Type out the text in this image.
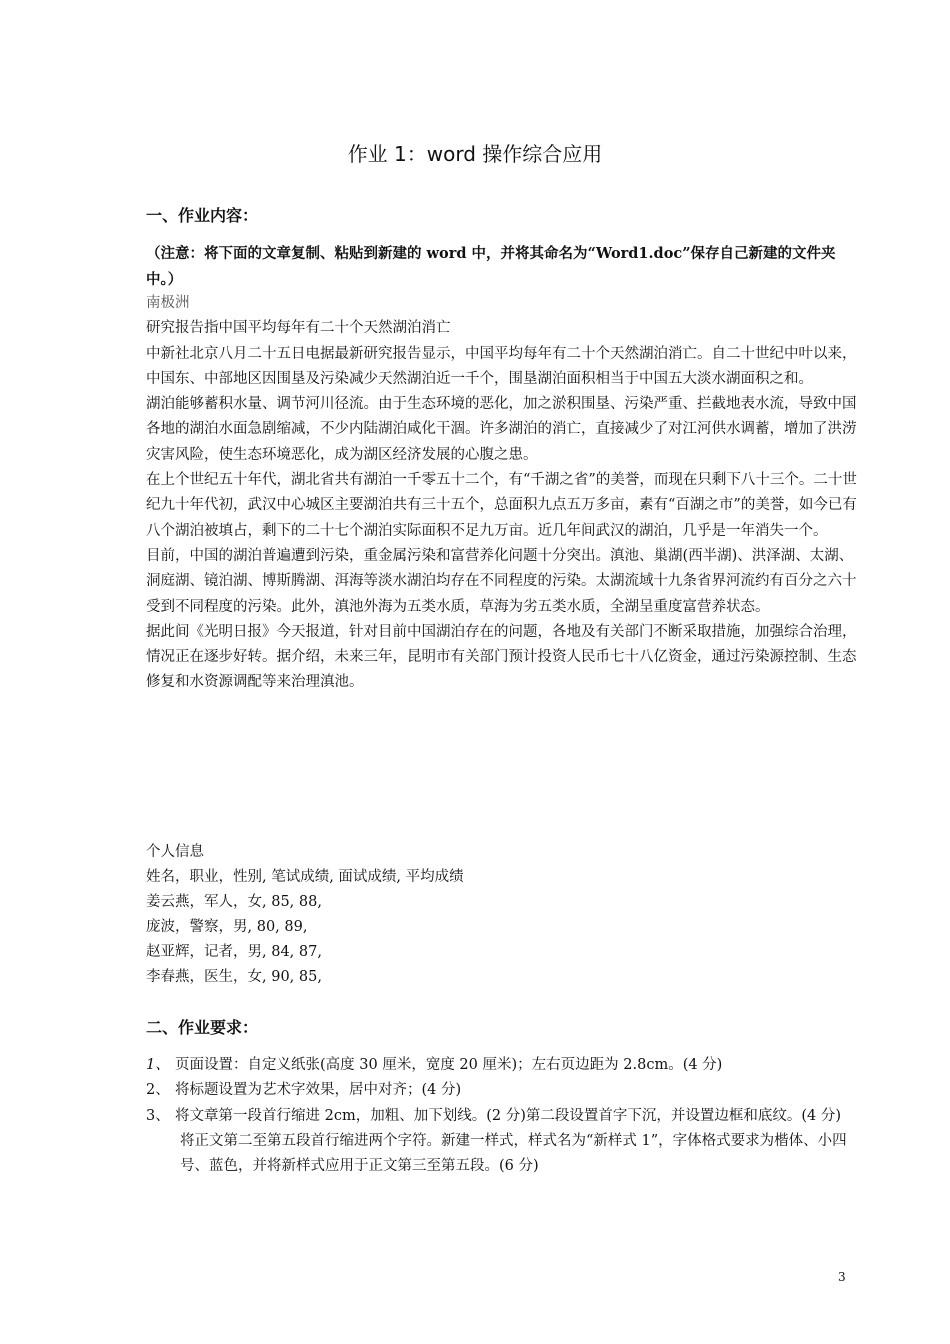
作业 1：word 操作综合应用
一、作业内容：
（注意：将下面的文章复制、粘贴到新建的 word 中，并将其命名为“Word1.doc”保存自己新建的文件夹中。）

南极洲

研究报告指中国平均每年有二十个天然湖泊消亡

中新社北京八月二十五日电据最新研究报告显示，中国平均每年有二十个天然湖泊消亡。自二十世纪中叶以来，中国东、中部地区因围垦及污染减少天然湖泊近一千个，围垦湖泊面积相当于中国五大淡水湖面积之和。

湖泊能够蓄积水量、调节河川径流。由于生态环境的恶化，加之淤积围垦、污染严重、拦截地表水流，导致中国各地的湖泊水面急剧缩减，不少内陆湖泊咸化干涸。许多湖泊的消亡，直接减少了对江河供水调蓄，增加了洪涝灾害风险，使生态环境恶化，成为湖区经济发展的心腹之患。

在上个世纪五十年代，湖北省共有湖泊一千零五十二个，有“千湖之省”的美誉，而现在只剩下八十三个。二十世纪九十年代初，武汉中心城区主要湖泊共有三十五个，总面积九点五万多亩，素有“百湖之市”的美誉，如今已有八个湖泊被填占，剩下的二十七个湖泊实际面积不足九万亩。近几年间武汉的湖泊，几乎是一年消失一个。

目前，中国的湖泊普遍遭到污染，重金属污染和富营养化问题十分突出。滇池、巢湖(西半湖)、洪泽湖、太湖、洞庭湖、镜泊湖、博斯腾湖、洱海等淡水湖泊均存在不同程度的污染。太湖流域十九条省界河流约有百分之六十受到不同程度的污染。此外，滇池外海为五类水质，草海为劣五类水质，全湖呈重度富营养状态。

据此间《光明日报》今天报道，针对目前中国湖泊存在的问题，各地及有关部门不断采取措施，加强综合治理，情况正在逐步好转。据介绍，未来三年，昆明市有关部门预计投资人民币七十八亿资金，通过污染源控制、生态修复和水资源调配等来治理滇池。

个人信息

姓名，职业，性别, 笔试成绩, 面试成绩, 平均成绩

姜云燕，军人，女, 85, 88,

庞波，警察，男, 80, 89,

赵亚辉，记者，男, 84, 87,

李春燕，医生，女, 90, 85,

二、作业要求：

1、 页面设置：自定义纸张(高度 30 厘米，宽度 20 厘米)；左右页边距为 2.8cm。(4 分)

2、 将标题设置为艺术字效果，居中对齐；(4 分)

3、 将文章第一段首行缩进 2cm，加粗、加下划线。(2 分)第二段设置首字下沉，并设置边框和底纹。(4 分)

将正文第二至第五段首行缩进两个字符。新建一样式，样式名为“新样式 1”，字体格式要求为楷体、小四号、蓝色，并将新样式应用于正文第三至第五段。(6 分)

3
